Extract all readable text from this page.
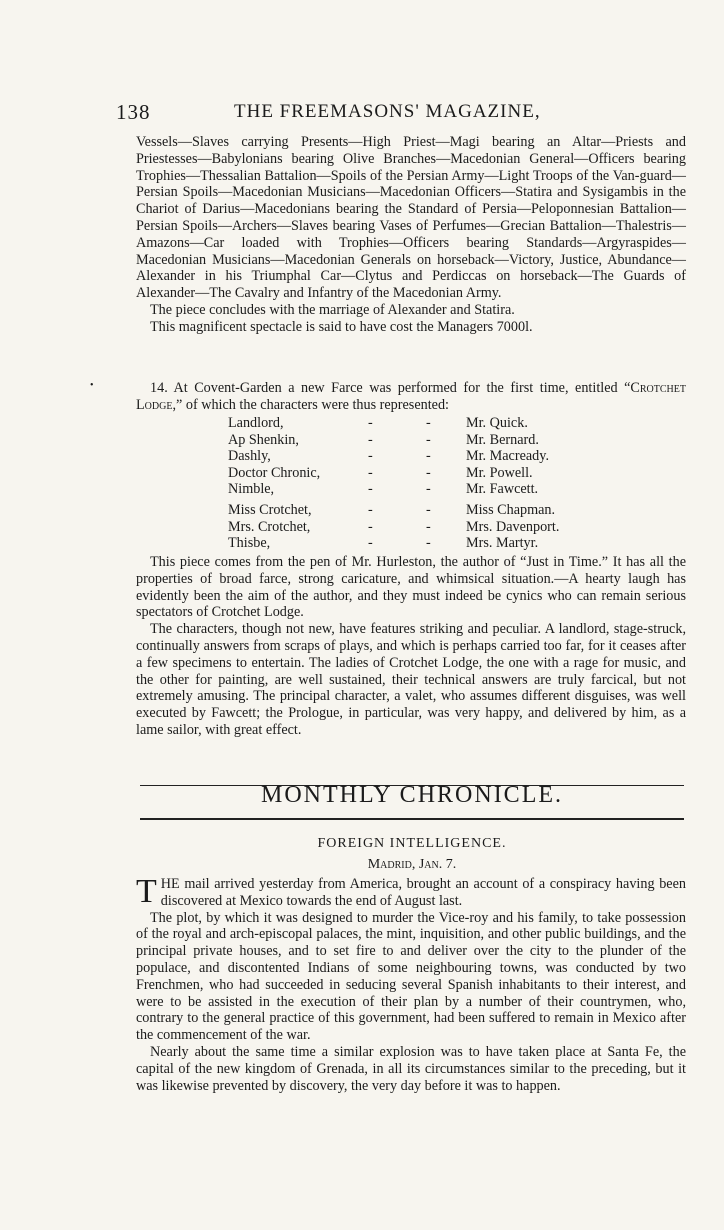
138	THE FREEMASONS' MAGAZINE,

Vessels—Slaves carrying Presents—High Priest—Magi bearing an Altar—Priests and Priestesses—Babylonians bearing Olive Branches—Macedonian General—Officers bearing Trophies—Thessalian Battalion—Spoils of the Persian Army—Light Troops of the Van-guard—Persian Spoils—Macedonian Musicians—Macedonian Officers—Statira and Sysigambis in the Chariot of Darius—Macedonians bearing the Standard of Persia—Peloponnesian Battalion—Persian Spoils—Archers—Slaves bearing Vases of Perfumes—Grecian Battalion—Thalestris—Amazons—Car loaded with Trophies—Officers bearing Standards—Argyraspides—Macedonian Musicians—Macedonian Generals on horseback—Victory, Justice, Abundance—Alexander in his Triumphal Car—Clytus and Perdiccas on horseback—The Guards of Alexander—The Cavalry and Infantry of the Macedonian Army.

The piece concludes with the marriage of Alexander and Statira.

This magnificent spectacle is said to have cost the Managers 7000l.

•	14. At Covent-Garden a new Farce was performed for the first time, entitled “Crotchet Lodge,” of which the characters were thus represented:

Landlord,	-	- Mr. Quick.
Ap Shenkin,	-	- Mr. Bernard.
Dashly,	-	- Mr. Macready.
Doctor Chronic,	-	- Mr. Powell.
Nimble,	-	- Mr. Fawcett.
Miss Crotchet,	-	- Miss Chapman.
Mrs. Crotchet,	-	- Mrs. Davenport.
Thisbe,	-	- Mrs. Martyr.

This piece comes from the pen of Mr. Hurleston, the author of “Just in Time.” It has all the properties of broad farce, strong caricature, and whimsical situation.—A hearty laugh has evidently been the aim of the author, and they must indeed be cynics who can remain serious spectators of Crotchet Lodge.

The characters, though not new, have features striking and peculiar. A landlord, stage-struck, continually answers from scraps of plays, and which is perhaps carried too far, for it ceases after a few specimens to entertain. The ladies of Crotchet Lodge, the one with a rage for music, and the other for painting, are well sustained, their technical answers are truly farcical, but not extremely amusing. The principal character, a valet, who assumes different disguises, was well executed by Fawcett; the Prologue, in particular, was very happy, and delivered by him, as a lame sailor, with great effect.

MONTHLY CHRONICLE.
FOREIGN INTELLIGENCE.
Madrid, Jan. 7.

THE mail arrived yesterday from America, brought an account of a conspiracy having been discovered at Mexico towards the end of August last.

The plot, by which it was designed to murder the Vice-roy and his family, to take possession of the royal and arch-episcopal palaces, the mint, inquisition, and other public buildings, and the principal private houses, and to set fire to and deliver over the city to the plunder of the populace, and discontented Indians of some neighbouring towns, was conducted by two Frenchmen, who had succeeded in seducing several Spanish inhabitants to their interest, and were to be assisted in the execution of their plan by a number of their countrymen, who, contrary to the general practice of this government, had been suffered to remain in Mexico after the commencement of the war.

Nearly about the same time a similar explosion was to have taken place at Santa Fe, the capital of the new kingdom of Grenada, in all its circumstances similar to the preceding, but it was likewise prevented by discovery, the very day before it was to happen.
